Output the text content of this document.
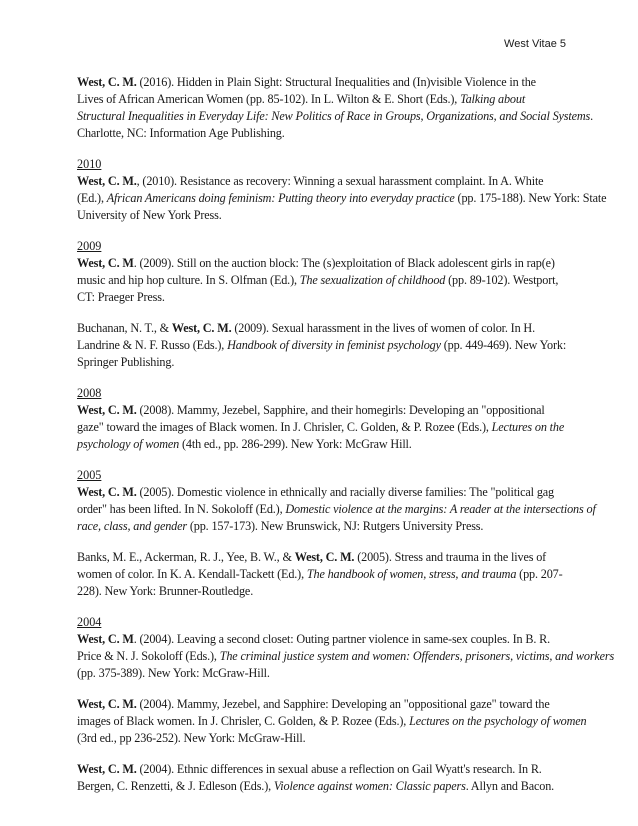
West Vitae 5
West, C. M. (2016). Hidden in Plain Sight: Structural Inequalities and (In)visible Violence in the
Lives of African American Women (pp. 85-102). In L. Wilton & E. Short (Eds.), Talking about
Structural Inequalities in Everyday Life: New Politics of Race in Groups, Organizations, and Social Systems.
Charlotte, NC: Information Age Publishing.
2010
West, C. M., (2010). Resistance as recovery: Winning a sexual harassment complaint. In A. White
(Ed.), African Americans doing feminism: Putting theory into everyday practice (pp. 175-188). New York: State
University of New York Press.
2009
West, C. M. (2009). Still on the auction block: The (s)exploitation of Black adolescent girls in rap(e)
music and hip hop culture. In S. Olfman (Ed.), The sexualization of childhood (pp. 89-102). Westport,
CT: Praeger Press.
Buchanan, N. T., & West, C. M. (2009). Sexual harassment in the lives of women of color. In H.
Landrine & N. F. Russo (Eds.), Handbook of diversity in feminist psychology (pp. 449-469). New York:
Springer Publishing.
2008
West, C. M. (2008). Mammy, Jezebel, Sapphire, and their homegirls: Developing an "oppositional
gaze" toward the images of Black women. In J. Chrisler, C. Golden, & P. Rozee (Eds.), Lectures on the
psychology of women (4th ed., pp. 286-299). New York: McGraw Hill.
2005
West, C. M. (2005). Domestic violence in ethnically and racially diverse families: The "political gag
order" has been lifted. In N. Sokoloff (Ed.), Domestic violence at the margins: A reader at the intersections of
race, class, and gender (pp. 157-173). New Brunswick, NJ: Rutgers University Press.
Banks, M. E., Ackerman, R. J., Yee, B. W., & West, C. M. (2005). Stress and trauma in the lives of
women of color. In K. A. Kendall-Tackett (Ed.), The handbook of women, stress, and trauma (pp. 207-
228). New York: Brunner-Routledge.
2004
West, C. M. (2004). Leaving a second closet: Outing partner violence in same-sex couples. In B. R.
Price & N. J. Sokoloff (Eds.), The criminal justice system and women: Offenders, prisoners, victims, and workers
(pp. 375-389). New York: McGraw-Hill.
West, C. M. (2004). Mammy, Jezebel, and Sapphire: Developing an "oppositional gaze" toward the
images of Black women. In J. Chrisler, C. Golden, & P. Rozee (Eds.), Lectures on the psychology of women
(3rd ed., pp 236-252). New York: McGraw-Hill.
West, C. M. (2004). Ethnic differences in sexual abuse a reflection on Gail Wyatt's research. In R.
Bergen, C. Renzetti, & J. Edleson (Eds.), Violence against women: Classic papers. Allyn and Bacon.
